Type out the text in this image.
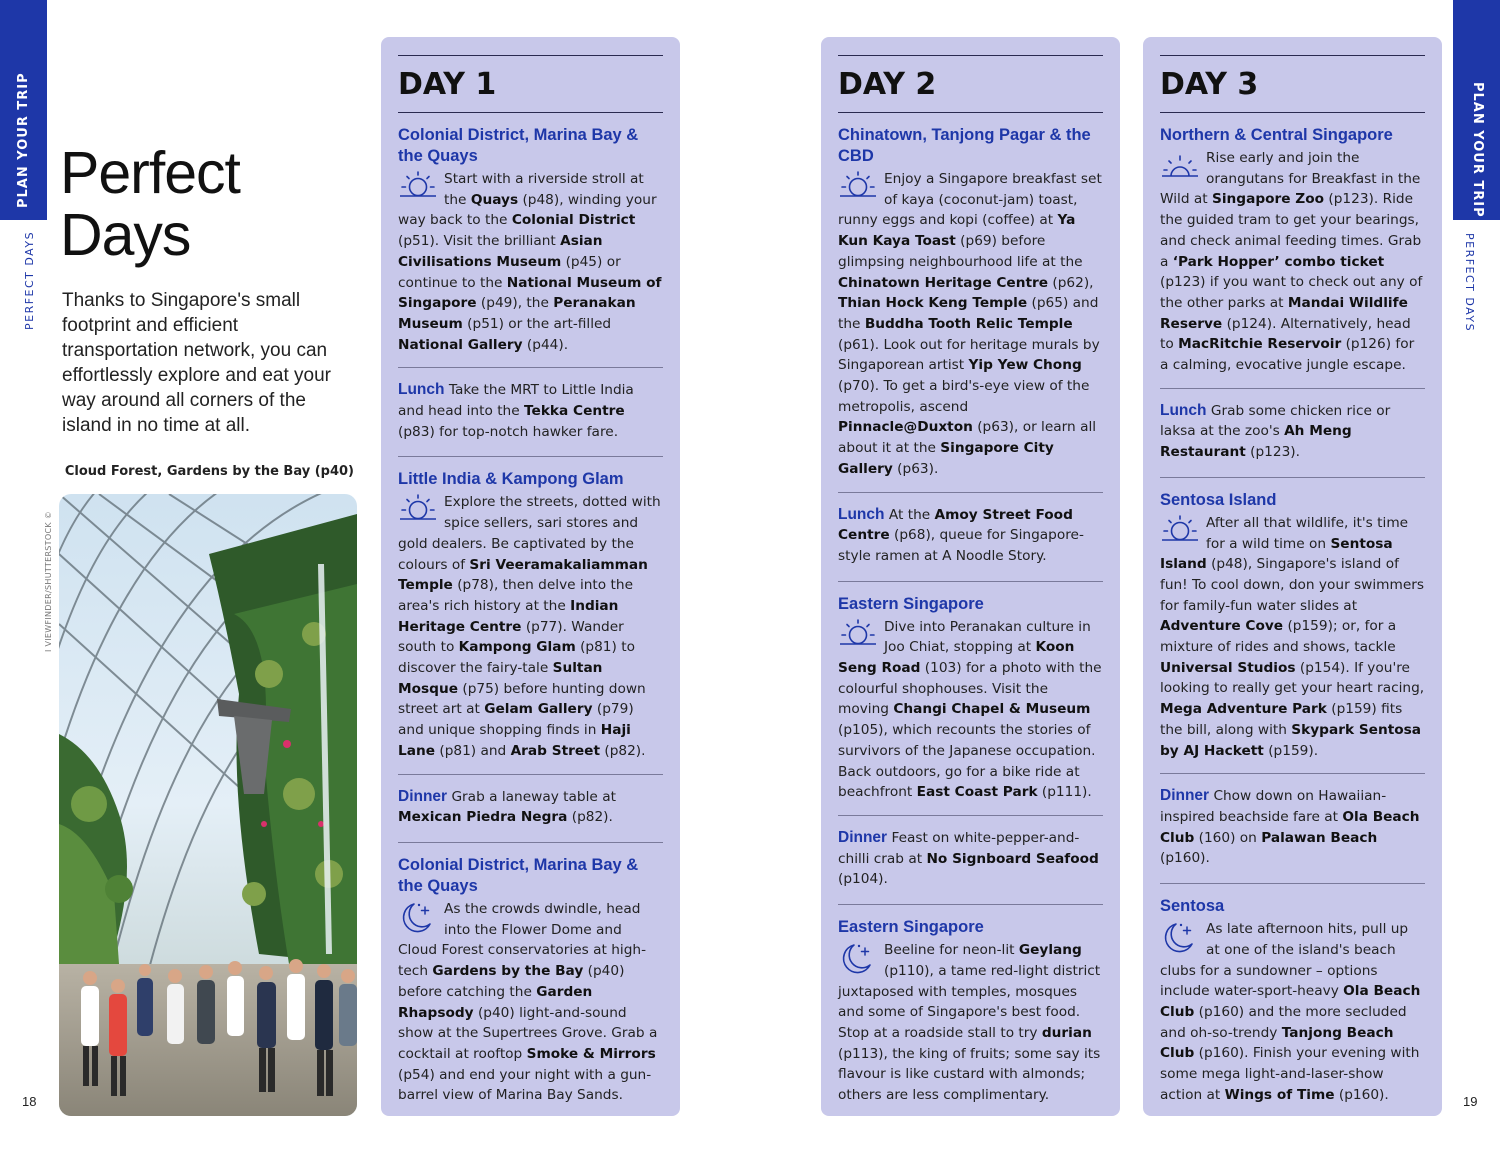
PLAN YOUR TRIP
PERFECT DAYS
I VIEWFINDER/SHUTTERSTOCK ©
PLAN YOUR TRIP
PERFECT DAYS
18	19
Perfect
Days
Thanks to Singapore's small footprint and efficient transportation network, you can effortlessly explore and eat your way around all corners of the island in no time at all.
Cloud Forest, Gardens by the Bay (p40)
DAY 1
Colonial District, Marina Bay & the Quays
Start with a riverside stroll at the Quays (p48), winding your way back to the Colonial District (p51). Visit the brilliant Asian Civilisations Museum (p45) or continue to the National Museum of Singapore (p49), the Peranakan Museum (p51) or the art-filled National Gallery (p44).
Lunch Take the MRT to Little India and head into the Tekka Centre (p83) for top-notch hawker fare.
Little India & Kampong Glam
Explore the streets, dotted with spice sellers, sari stores and gold dealers. Be captivated by the colours of Sri Veeramakaliamman Temple (p78), then delve into the area's rich history at the Indian Heritage Centre (p77). Wander south to Kampong Glam (p81) to discover the fairy-tale Sultan Mosque (p75) before hunting down street art at Gelam Gallery (p79) and unique shopping finds in Haji Lane (p81) and Arab Street (p82).
Dinner Grab a laneway table at Mexican Piedra Negra (p82).
Colonial District, Marina Bay & the Quays
As the crowds dwindle, head into the Flower Dome and Cloud Forest conservatories at high-tech Gardens by the Bay (p40) before catching the Garden Rhapsody (p40) light-and-sound show at the Supertrees Grove. Grab a cocktail at rooftop Smoke & Mirrors (p54) and end your night with a gun-barrel view of Marina Bay Sands.
DAY 2
Chinatown, Tanjong Pagar & the CBD
Enjoy a Singapore breakfast set of kaya (coconut-jam) toast, runny eggs and kopi (coffee) at Ya Kun Kaya Toast (p69) before glimpsing neighbourhood life at the Chinatown Heritage Centre (p62), Thian Hock Keng Temple (p65) and the Buddha Tooth Relic Temple (p61). Look out for heritage murals by Singaporean artist Yip Yew Chong (p70). To get a bird's-eye view of the metropolis, ascend Pinnacle@Duxton (p63), or learn all about it at the Singapore City Gallery (p63).
Lunch At the Amoy Street Food Centre (p68), queue for Singapore-style ramen at A Noodle Story.
Eastern Singapore
Dive into Peranakan culture in Joo Chiat, stopping at Koon Seng Road (103) for a photo with the colourful shophouses. Visit the moving Changi Chapel & Museum (p105), which recounts the stories of survivors of the Japanese occupation. Back outdoors, go for a bike ride at beachfront East Coast Park (p111).
Dinner Feast on white-pepper-and-chilli crab at No Signboard Seafood (p104).
Eastern Singapore
Beeline for neon-lit Geylang (p110), a tame red-light district juxtaposed with temples, mosques and some of Singapore's best food. Stop at a roadside stall to try durian (p113), the king of fruits; some say its flavour is like custard with almonds; others are less complimentary.
DAY 3
Northern & Central Singapore
Rise early and join the orangutans for Breakfast in the Wild at Singapore Zoo (p123). Ride the guided tram to get your bearings, and check animal feeding times. Grab a ‘Park Hopper’ combo ticket (p123) if you want to check out any of the other parks at Mandai Wildlife Reserve (p124). Alternatively, head to MacRitchie Reservoir (p126) for a calming, evocative jungle escape.
Lunch Grab some chicken rice or laksa at the zoo's Ah Meng Restaurant (p123).
Sentosa Island
After all that wildlife, it's time for a wild time on Sentosa Island (p48), Singapore's island of fun! To cool down, don your swimmers for family-fun water slides at Adventure Cove (p159); or, for a mixture of rides and shows, tackle Universal Studios (p154). If you're looking to really get your heart racing, Mega Adventure Park (p159) fits the bill, along with Skypark Sentosa by AJ Hackett (p159).
Dinner Chow down on Hawaiian-inspired beachside fare at Ola Beach Club (160) on Palawan Beach (p160).
Sentosa
As late afternoon hits, pull up at one of the island's beach clubs for a sundowner – options include water-sport-heavy Ola Beach Club (p160) and the more secluded and oh-so-trendy Tanjong Beach Club (p160). Finish your evening with some mega light-and-laser-show action at Wings of Time (p160).
